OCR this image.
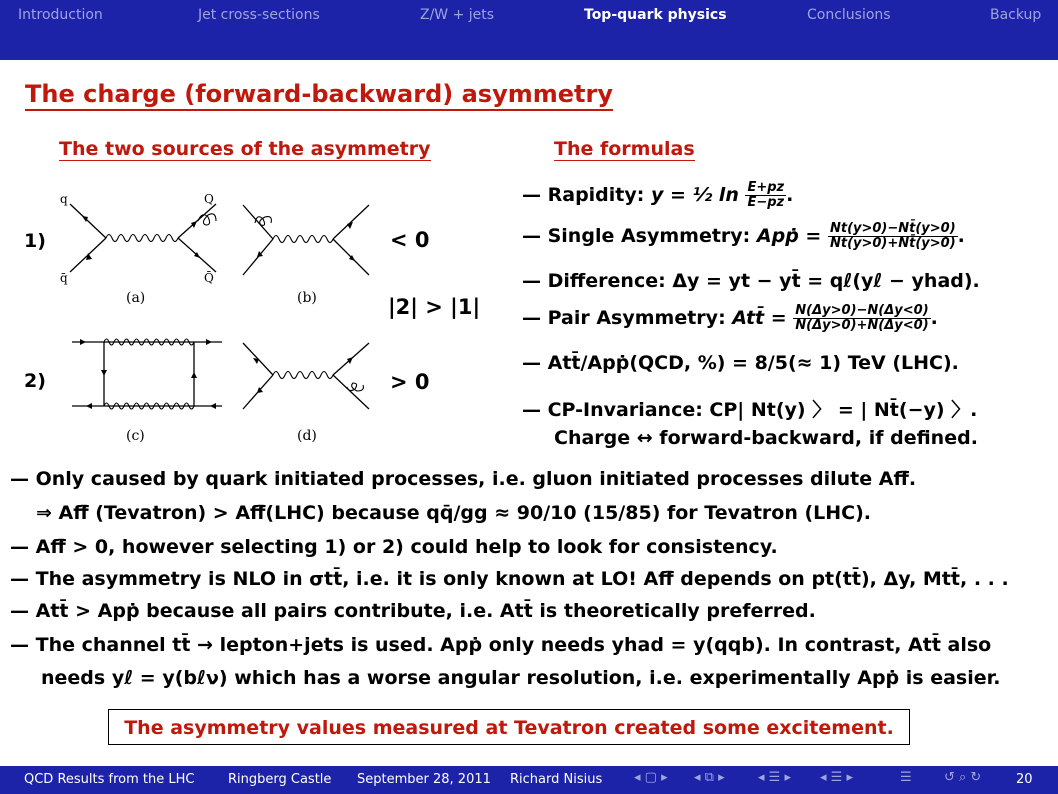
Introduction	Jet cross-sections	Z/W + jets	Top-quark physics	Conclusions	Backup
The charge (forward-backward) asymmetry
The two sources of the asymmetry	The formulas
1)
2)
q
q̄
Q
Q̄
(a)	(b)
(c)	(d)
< 0
|2| > |1|
> 0
— Rapidity: y = ½ $\ln \frac{E+pz}{E-pz}$ .
— Single Asymmetry: Apṗ = $\frac{Nt(y>0)-Nt̄(y>0)}{Nt(y>0)+Nt̄(y>0)}$ .
— Difference: Δy = yt − yt̄ = qℓ(yℓ − yhad).
— Pair Asymmetry: Att̄ = $\frac{N(\Delta y>0)-N(\Delta y<0)}{N(\Delta y>0)+N(\Delta y<0)}$ .
— Att̄/Apṗ(QCD, %) = 8/5(≈ 1) TeV (LHC).
— CP-Invariance: CP| Nt(y) 〉 = | Nt̄(−y) 〉.
Charge ↔ forward-backward, if defined.
— Only caused by quark initiated processes, i.e. gluon initiated processes dilute Aff̄.
⇒ Aff̄ (Tevatron) > Aff̄(LHC) because qq̄/gg ≈ 90/10 (15/85) for Tevatron (LHC).
— Aff̄ > 0, however selecting 1) or 2) could help to look for consistency.
— The asymmetry is NLO in σtt̄, i.e. it is only known at LO! Aff̄ depends on pt(tt̄), Δy, Mtt̄, . . .
— Att̄ > Apṗ because all pairs contribute, i.e. Att̄ is theoretically preferred.
— The channel tt̄ → lepton+jets is used. Apṗ only needs yhad = y(qqb). In contrast, Att̄ also
needs yℓ = y(bℓν) which has a worse angular resolution, i.e. experimentally Apṗ is easier.
The asymmetry values measured at Tevatron created some excitement.
QCD Results from the LHC	Ringberg Castle September 28, 2011 Richard Nisius ◂ ▢ ▸ ◂ ⧉ ▸	◂ ☰ ▸ ◂ ☰ ▸	☰ ↺ ⌕ ↻	20
